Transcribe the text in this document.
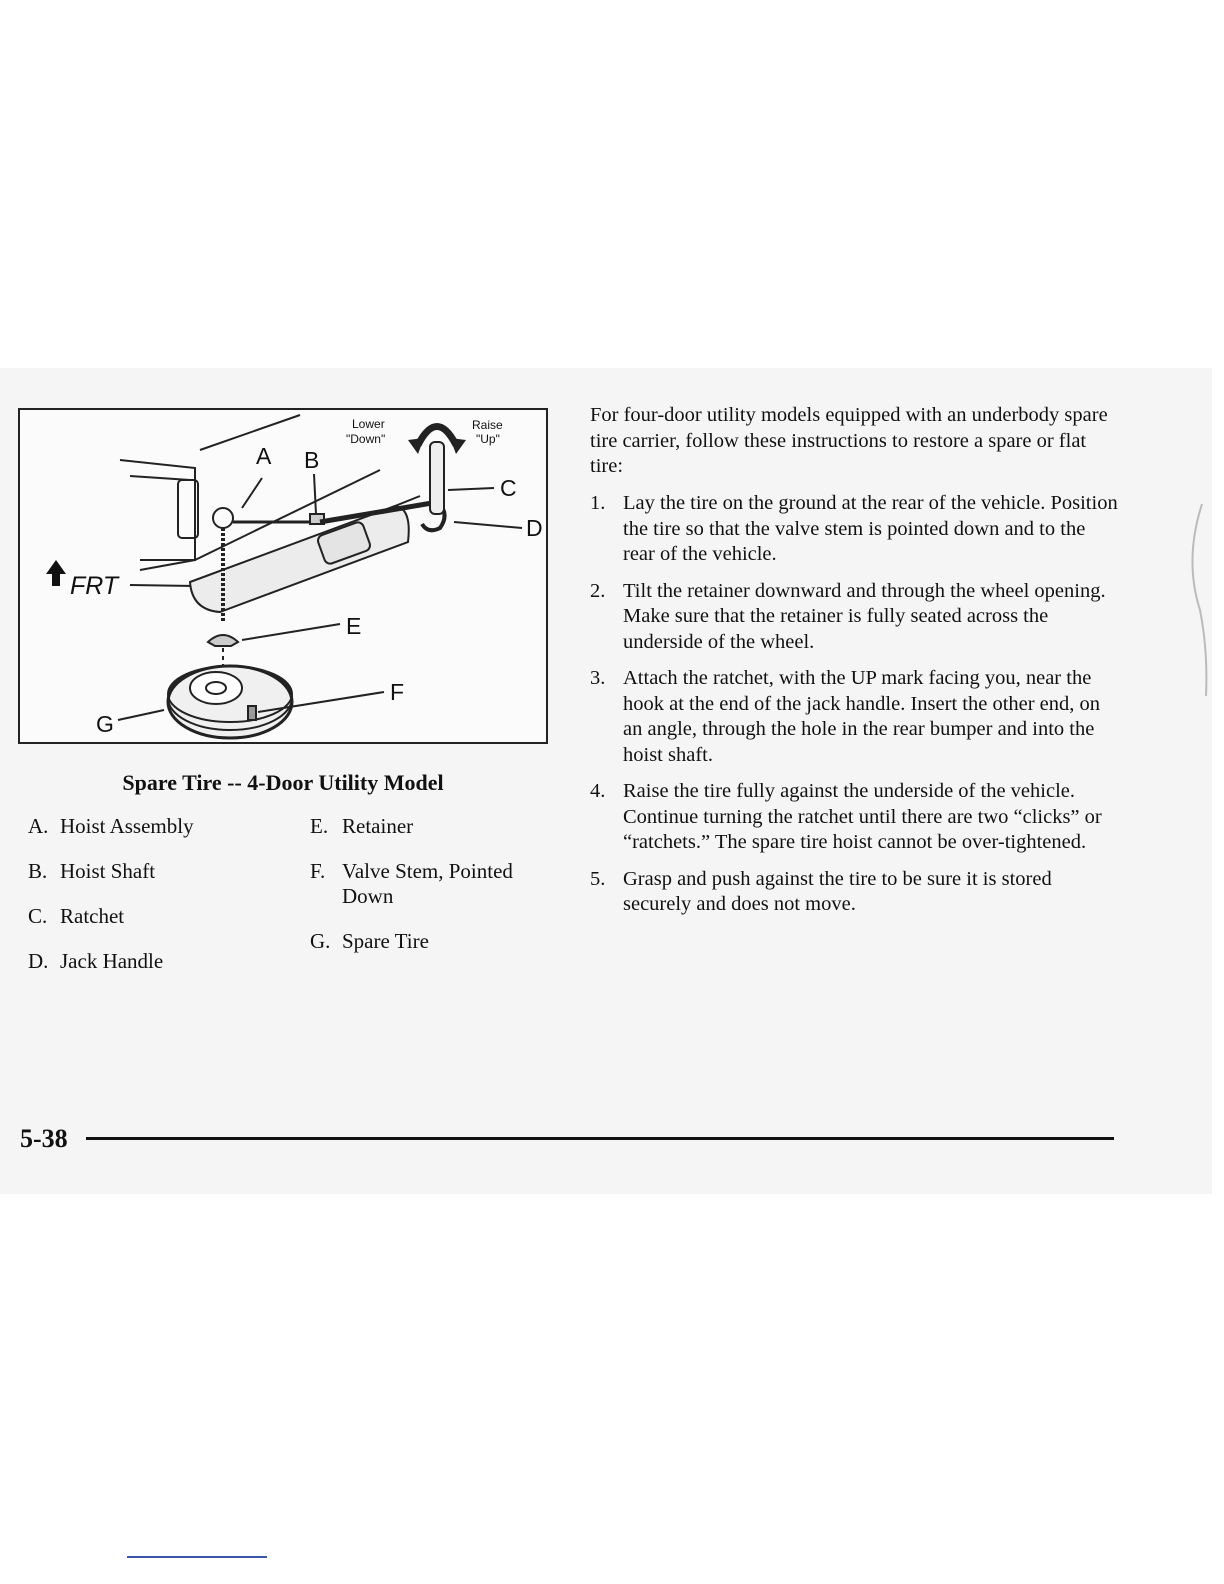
Lower
"Down"
Raise
"Up"
FRT
A B
C
D
E
F
G
Spare Tire -- 4-Door Utility Model
A. Hoist Assembly
B. Hoist Shaft
C. Ratchet
D. Jack Handle
E. Retainer
F. Valve Stem, Pointed Down
G. Spare Tire

For four-door utility models equipped with an underbody spare tire carrier, follow these instructions to restore a spare or flat tire:

1. Lay the tire on the ground at the rear of the vehicle. Position the tire so that the valve stem is pointed down and to the rear of the vehicle.
2. Tilt the retainer downward and through the wheel opening. Make sure that the retainer is fully seated across the underside of the wheel.
3. Attach the ratchet, with the UP mark facing you, near the hook at the end of the jack handle. Insert the other end, on an angle, through the hole in the rear bumper and into the hoist shaft.
4. Raise the tire fully against the underside of the vehicle. Continue turning the ratchet until there are two “clicks” or “ratchets.” The spare tire hoist cannot be over-tightened.
5. Grasp and push against the tire to be sure it is stored securely and does not move.
5-38
